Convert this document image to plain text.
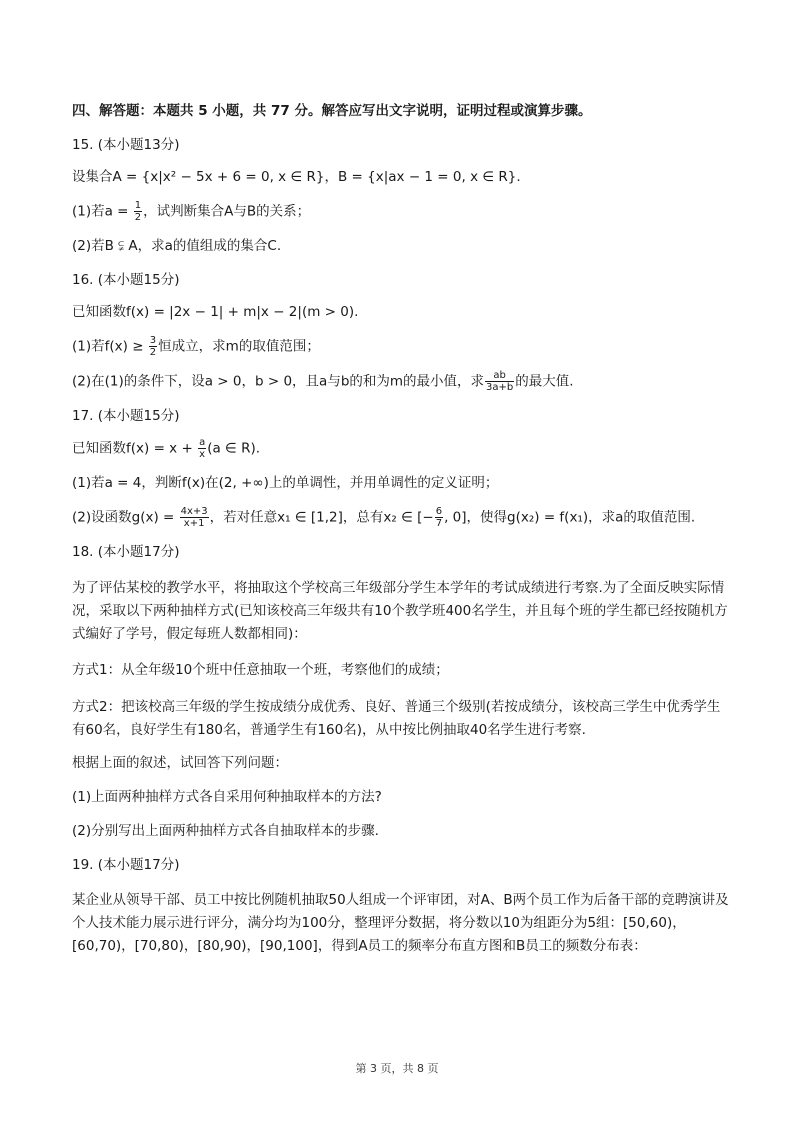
四、解答题：本题共 5 小题，共 77 分。解答应写出文字说明，证明过程或演算步骤。

15. (本小题13分)

设集合A = {x|x² − 5x + 6 = 0, x ∈ R}，B = {x|ax − 1 = 0, x ∈ R}.

(1)若$a = \frac{1}{2}$ ，试判断集合A与B的关系；

(2)若B ⫋ A，求a的值组成的集合C.

16. (本小题15分)

已知函数f(x) = |2x − 1| + m|x − 2|(m > 0).

(1)若$f(x) \ge \frac{3}{2}$ 恒成立，求m的取值范围；

(2)在(1)的条件下，设a > 0，b > 0，且a与b的和为m的最小值，求 $\frac{ab}{3a+b}$ 的最大值.

17. (本小题15分)

已知函数$f(x) = x + \frac{a}{x} (a$ ∈ R).

(1)若a = 4，判断f(x)在(2, +∞)上的单调性，并用单调性的定义证明；

(2)设函数$g(x) = \frac{4x+3}{x+1}$ ，若对任意x₁ ∈ [1,2]，总有x₂ ∈ [− $\frac{6}{7}$ , 0]，使得g(x₂) = f(x₁)，求a的取值范围.

18. (本小题17分)

为了评估某校的教学水平，将抽取这个学校高三年级部分学生本学年的考试成绩进行考察.为了全面反映实际情况，采取以下两种抽样方式(已知该校高三年级共有10个教学班400名学生，并且每个班的学生都已经按随机方式编好了学号，假定每班人数都相同)：

方式1：从全年级10个班中任意抽取一个班，考察他们的成绩；

方式2：把该校高三年级的学生按成绩分成优秀、良好、普通三个级别(若按成绩分，该校高三学生中优秀学生有60名，良好学生有180名，普通学生有160名)，从中按比例抽取40名学生进行考察.

根据上面的叙述，试回答下列问题：

(1)上面两种抽样方式各自采用何种抽取样本的方法?

(2)分别写出上面两种抽样方式各自抽取样本的步骤.

19. (本小题17分)

某企业从领导干部、员工中按比例随机抽取50人组成一个评审团，对A、B两个员工作为后备干部的竞聘演讲及个人技术能力展示进行评分，满分均为100分，整理评分数据，将分数以10为组距分为5组：[50,60)，[60,70)，[70,80)，[80,90)，[90,100]，得到A员工的频率分布直方图和B员工的频数分布表：

第 3 页，共 8 页
